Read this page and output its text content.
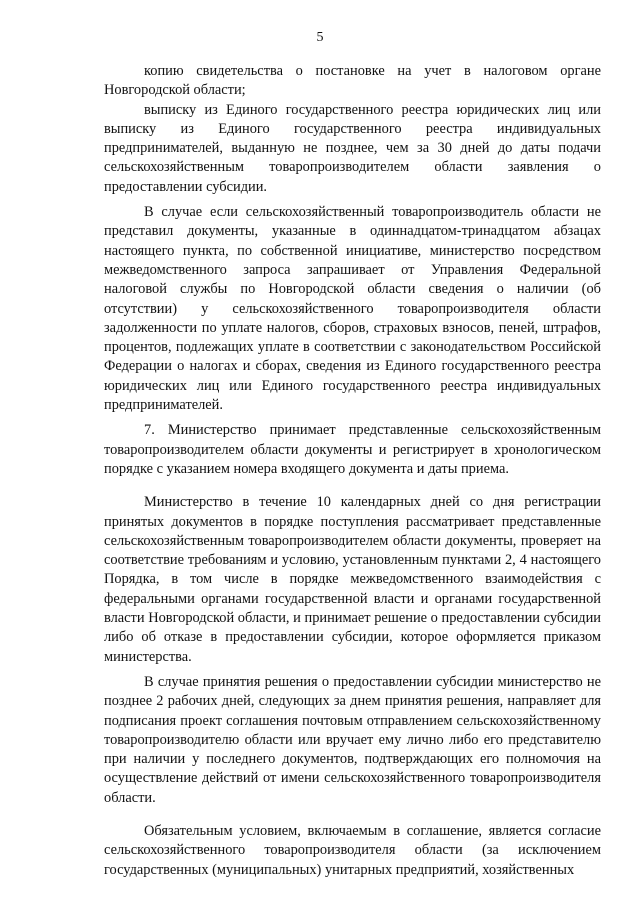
5

копию свидетельства о постановке на учет в налоговом органе Новгородской области;

выписку из Единого государственного реестра юридических лиц или выписку из Единого государственного реестра индивидуальных предпринимателей, выданную не позднее, чем за 30 дней до даты подачи сельскохозяйственным товаропроизводителем области заявления о предоставлении субсидии.

В случае если сельскохозяйственный товаропроизводитель области не представил документы, указанные в одиннадцатом-тринадцатом абзацах настоящего пункта, по собственной инициативе, министерство посредством межведомственного запроса запрашивает от Управления Федеральной налоговой службы по Новгородской области сведения о наличии (об отсутствии) у сельскохозяйственного товаропроизводителя области задолженности по уплате налогов, сборов, страховых взносов, пеней, штрафов, процентов, подлежащих уплате в соответствии с законодательством Российской Федерации о налогах и сборах, сведения из Единого государственного реестра юридических лиц или Единого государственного реестра индивидуальных предпринимателей.

7. Министерство принимает представленные сельскохозяйственным товаропроизводителем области документы и регистрирует в хронологическом порядке с указанием номера входящего документа и даты приема.

Министерство в течение 10 календарных дней со дня регистрации принятых документов в порядке поступления рассматривает представленные сельскохозяйственным товаропроизводителем области документы, проверяет на соответствие требованиям и условию, установленным пунктами 2, 4 настоящего Порядка, в том числе в порядке межведомственного взаимодействия с федеральными органами государственной власти и органами государственной власти Новгородской области, и принимает решение о предоставлении субсидии либо об отказе в предоставлении субсидии, которое оформляется приказом министерства.

В случае принятия решения о предоставлении субсидии министерство не позднее 2 рабочих дней, следующих за днем принятия решения, направляет для подписания проект соглашения почтовым отправлением сельскохозяйственному товаропроизводителю области или вручает ему лично либо его представителю при наличии у последнего документов, подтверждающих его полномочия на осуществление действий от имени сельскохозяйственного товаропроизводителя области.

Обязательным условием, включаемым в соглашение, является согласие сельскохозяйственного товаропроизводителя области (за исключением государственных (муниципальных) унитарных предприятий, хозяйственных
